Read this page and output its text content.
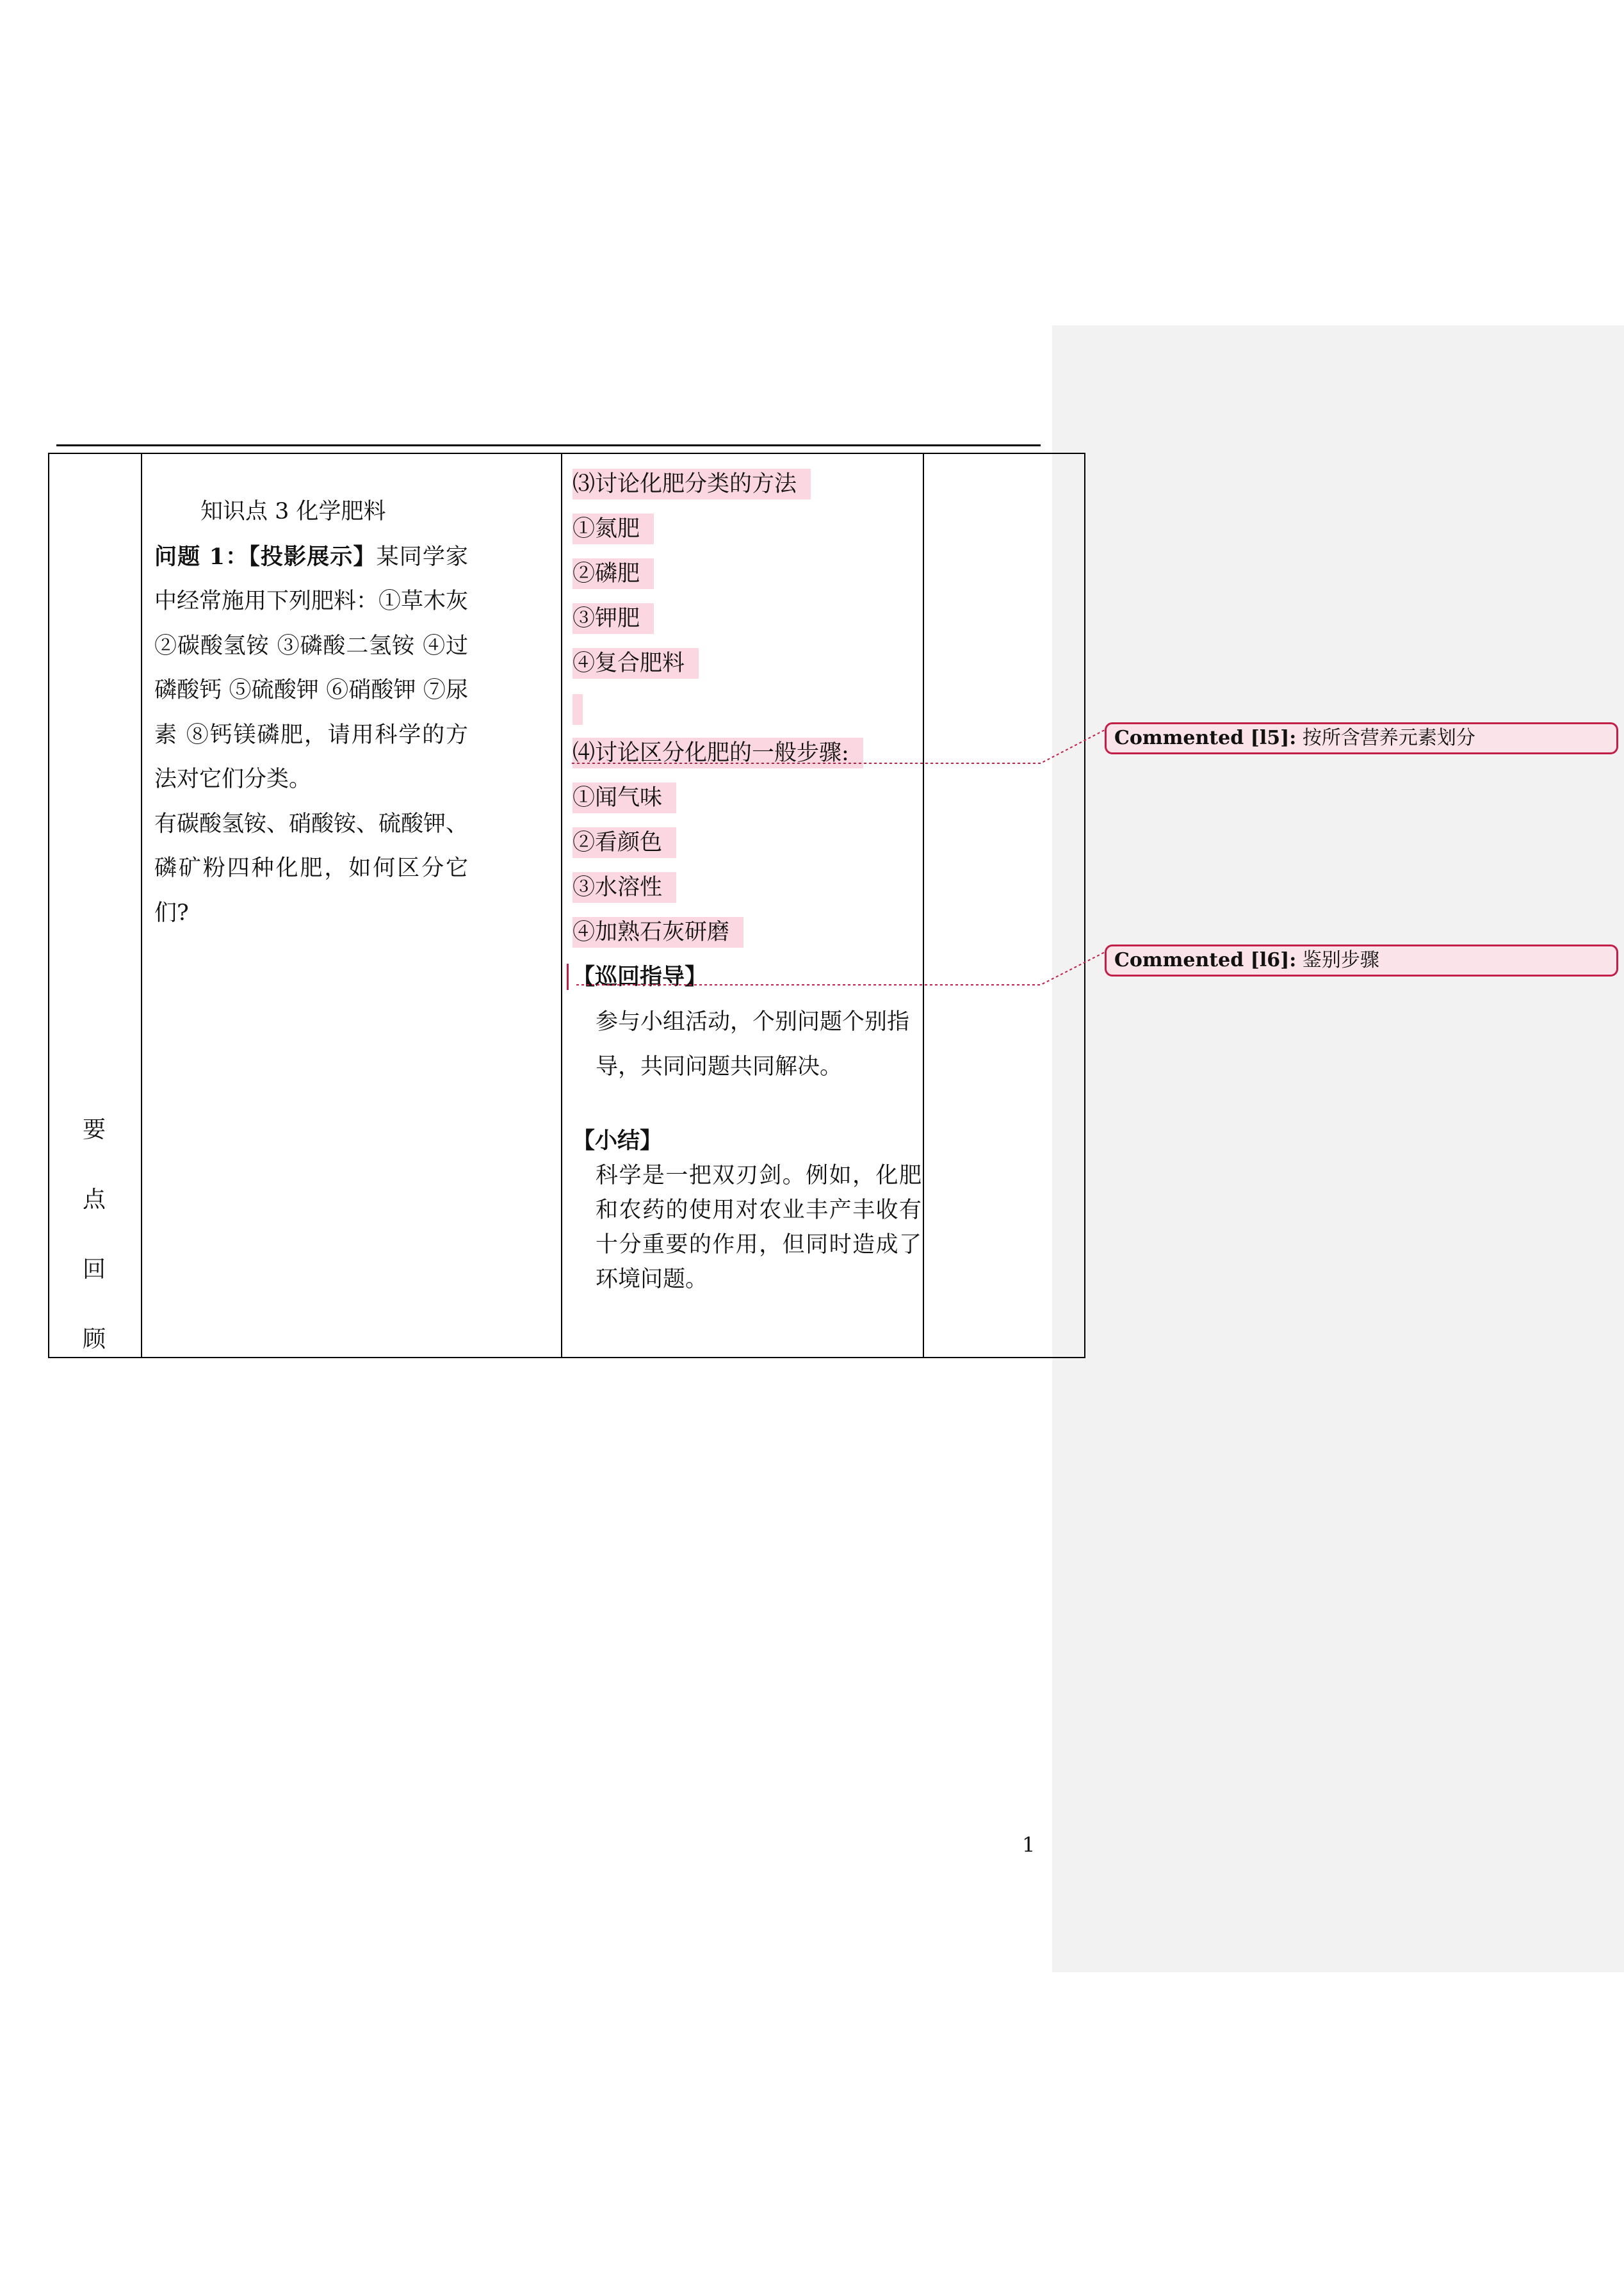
要
点
回
顾

知识点 3 化学肥料

问题 1：【投影展示】某同学家中经常施用下列肥料：①草木灰 ②碳酸氢铵 ③磷酸二氢铵 ④过磷酸钙 ⑤硫酸钾 ⑥硝酸钾 ⑦尿素 ⑧钙镁磷肥，请用科学的方法对它们分类。

有碳酸氢铵、硝酸铵、硫酸钾、磷矿粉四种化肥，如何区分它们?

⑶讨论化肥分类的方法
①氮肥
②磷肥
③钾肥
④复合肥料
⑷讨论区分化肥的一般步骤:
①闻气味
②看颜色
③水溶性
④加熟石灰研磨

【巡回指导】

参与小组活动，个别问题个别指导，共同问题共同解决。

【小结】

科学是一把双刃剑。例如，化肥和农药的使用对农业丰产丰收有十分重要的作用，但同时造成了环境问题。

1
Commented [l5]: 按所含营养元素划分
Commented [l6]: 鉴别步骤
